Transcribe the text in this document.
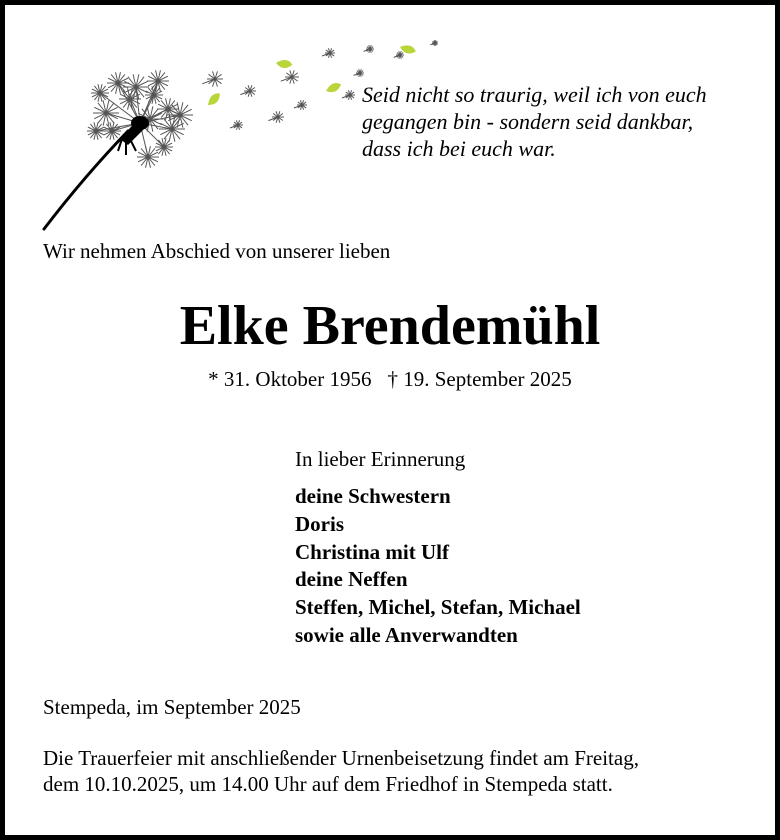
Seid nicht so traurig, weil ich von euch
gegangen bin - sondern seid dankbar,
dass ich bei euch war.
Wir nehmen Abschied von unserer lieben
Elke Brendemühl
* 31. Oktober 1956 † 19. September 2025
In lieber Erinnerung
deine Schwestern
Doris
Christina mit Ulf
deine Neffen
Steffen, Michel, Stefan, Michael
sowie alle Anverwandten
Stempeda, im September 2025
Die Trauerfeier mit anschließender Urnenbeisetzung findet am Freitag,
dem 10.10.2025, um 14.00 Uhr auf dem Friedhof in Stempeda statt.
